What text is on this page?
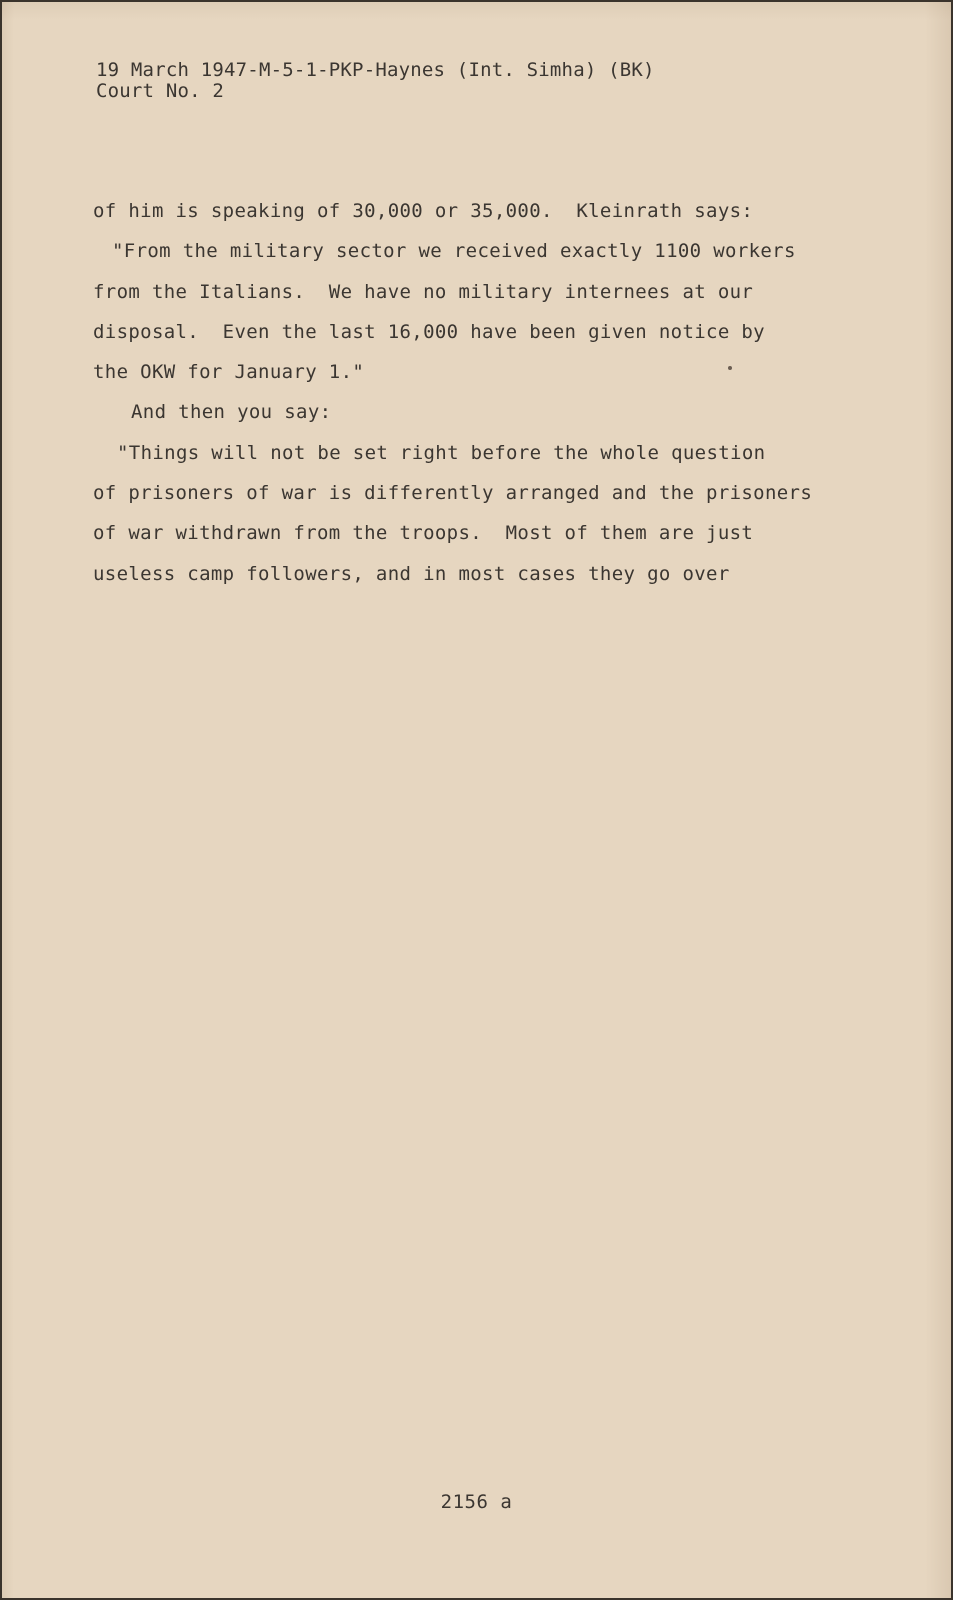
19 March 1947-M-5-1-PKP-Haynes (Int. Simha) (BK)
Court No. 2
of him is speaking of 30,000 or 35,000.  Kleinrath says:
"From the military sector we received exactly 1100 workers
from the Italians.  We have no military internees at our
disposal.  Even the last 16,000 have been given notice by
the OKW for January 1."
And then you say:
"Things will not be set right before the whole question
of prisoners of war is differently arranged and the prisoners
of war withdrawn from the troops.  Most of them are just
useless camp followers, and in most cases they go over
2156 a
